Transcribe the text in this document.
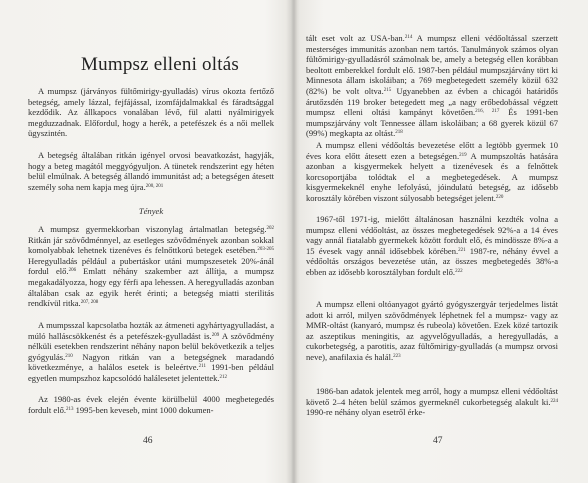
Mumpsz elleni oltás

A mumpsz (járványos fültőmirigy-gyulladás) vírus okozta fertőző betegség, amely lázzal, fejfájással, izomfájdalmakkal és fáradtsággal kezdődik. Az állkapocs vonalában lévő, fül alatti nyálmirigyek megduzzadnak. Előfordul, hogy a herék, a petefészek és a női mellek ügyszintén.

A betegség általában ritkán igényel orvosi beavatkozást, hagyják, hogy a beteg magától meggyógyuljon. A tünetek rendszerint egy héten belül elmúlnak. A betegség állandó immunitást ad; a betegségen átesett személy soha nem kapja meg újra.$^{200, 201}$

Tények

A mumpsz gyermekkorban viszonylag ártalmatlan betegség.$^{202}$ Ritkán jár szövődménnyel, az esetleges szövődmények azonban sokkal komolyabbak lehetnek tizenéves és felnőttkorú betegek esetében.$^{203-205}$ Heregyulladás például a pubertáskor utáni mumpszesetek 20%-ánál fordul elő.$^{206}$ Emlatt néhány szakember azt állítja, a mumpsz megakadályozza, hogy egy férfi apa lehessen. A heregyulladás azonban általában csak az egyik herét érinti; a betegség miatti sterilitás rendkívül ritka.$^{207, 208}$

A mumpsszal kapcsolatba hozták az átmeneti agyhártyagyulladást, a múló halláscsökkenést és a petefészek-gyulladást is.$^{209}$ A szövődmény nélküli esetekben rendszerint néhány napon belül bekövetkezik a teljes gyógyulás.$^{210}$ Nagyon ritkán van a betegségnek maradandó következménye, a halálos esetek is beleértve.$^{211}$ 1991-ben például egyetlen mumpszhoz kapcsolódó halálesetet jelentettek.$^{212}$

Az 1980-as évek elején évente körülbelül 4000 megbetegedés fordult elő.$^{213}$ 1995-ben keveseb, mint 1000 dokumen-

46

tált eset volt az USA-ban.$^{214}$ A mumpsz elleni védőoltással szerzett mesterséges immunitás azonban nem tartós. Tanulmányok számos olyan fültőmirigy-gyulladásról számolnak be, amely a betegség ellen korábban beoltott emberekkel fordult elő. 1987-ben például mumpszjárvány tört ki Minnesota állam iskoláiban; a 769 megbetegedett személy közül 632 (82%) be volt oltva.$^{215}$ Ugyanebben az évben a chicagói határidős árutőzsdén 119 broker betegedett meg „a nagy erőbedobással végzett mumpsz elleni oltási kampányt követően.$^{216, 217}$ És 1991-ben mumpszjárvány volt Tennessee állam iskoláiban; a 68 gyerek közül 67 (99%) megkapta az oltást.$^{218}$

A mumpsz elleni védőoltás bevezetése előtt a legtöbb gyermek 10 éves kora előtt átesett ezen a betegségen.$^{219}$ A mumpszoltás hatására azonban a kisgyermekek helyett a tizenévesek és a felnőttek korcsoportjába tolódtak el a megbetegedések. A mumpsz kisgyermekeknél enyhe lefolyású, jóindulatú betegség, az idősebb korosztály körében viszont súlyosabb betegséget jelent.$^{220}$

1967-től 1971-ig, mielőtt általánosan használni kezdték volna a mumpsz elleni védőoltást, az összes megbetegedések 92%-a a 14 éves vagy annál fiatalabb gyermekek között fordult elő, és mindössze 8%-a a 15 évesek vagy annál idősebbek körében.$^{221}$ 1987-re, néhány évvel a védőoltás országos bevezetése után, az összes megbetegedés 38%-a ebben az idősebb korosztályban fordult elő.$^{222}$

A mumpsz elleni oltóanyagot gyártó gyógyszergyár terjedelmes listát adott ki arról, milyen szövődmények léphetnek fel a mumpsz- vagy az MMR-oltást (kanyaró, mumpsz és rubeola) követően. Ezek közé tartozik az aszeptikus meningitis, az agyvelőgyulladás, a heregyulladás, a cukorbetegség, a parotitis, azaz fültőmirigy-gyulladás (a mumpsz orvosi neve), anafilaxia és halál.$^{223}$

1986-ban adatok jelentek meg arról, hogy a mumpsz elleni védőoltást követő 2–4 héten belül számos gyermeknél cukorbetegség alakult ki.$^{224}$ 1990-re néhány olyan esetről érke-

47
